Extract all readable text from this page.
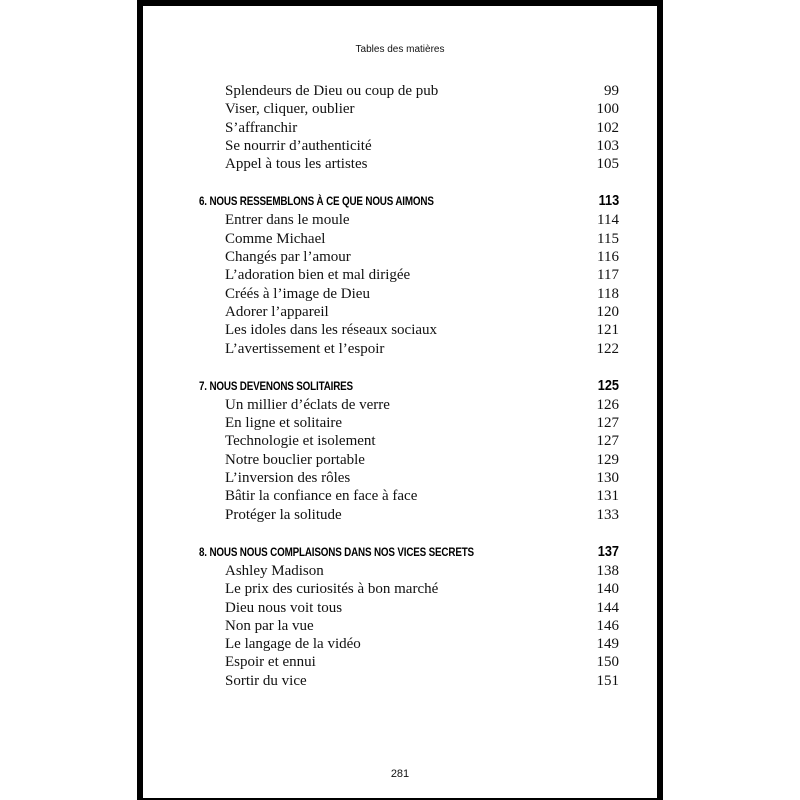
Tables des matières
Splendeurs de Dieu ou coup de pub	99
Viser, cliquer, oublier	100
S’affranchir	102
Se nourrir d’authenticité	103
Appel à tous les artistes	105
6. NOUS RESSEMBLONS À CE QUE NOUS AIMONS	113
Entrer dans le moule	114
Comme Michael	115
Changés par l’amour	116
L’adoration bien et mal dirigée	117
Créés à l’image de Dieu	118
Adorer l’appareil	120
Les idoles dans les réseaux sociaux	121
L’avertissement et l’espoir	122
7. NOUS DEVENONS SOLITAIRES	125
Un millier d’éclats de verre	126
En ligne et solitaire	127
Technologie et isolement	127
Notre bouclier portable	129
L’inversion des rôles	130
Bâtir la confiance en face à face	131
Protéger la solitude	133
8. NOUS NOUS COMPLAISONS DANS NOS VICES SECRETS	137
Ashley Madison	138
Le prix des curiosités à bon marché	140
Dieu nous voit tous	144
Non par la vue	146
Le langage de la vidéo	149
Espoir et ennui	150
Sortir du vice	151
281
